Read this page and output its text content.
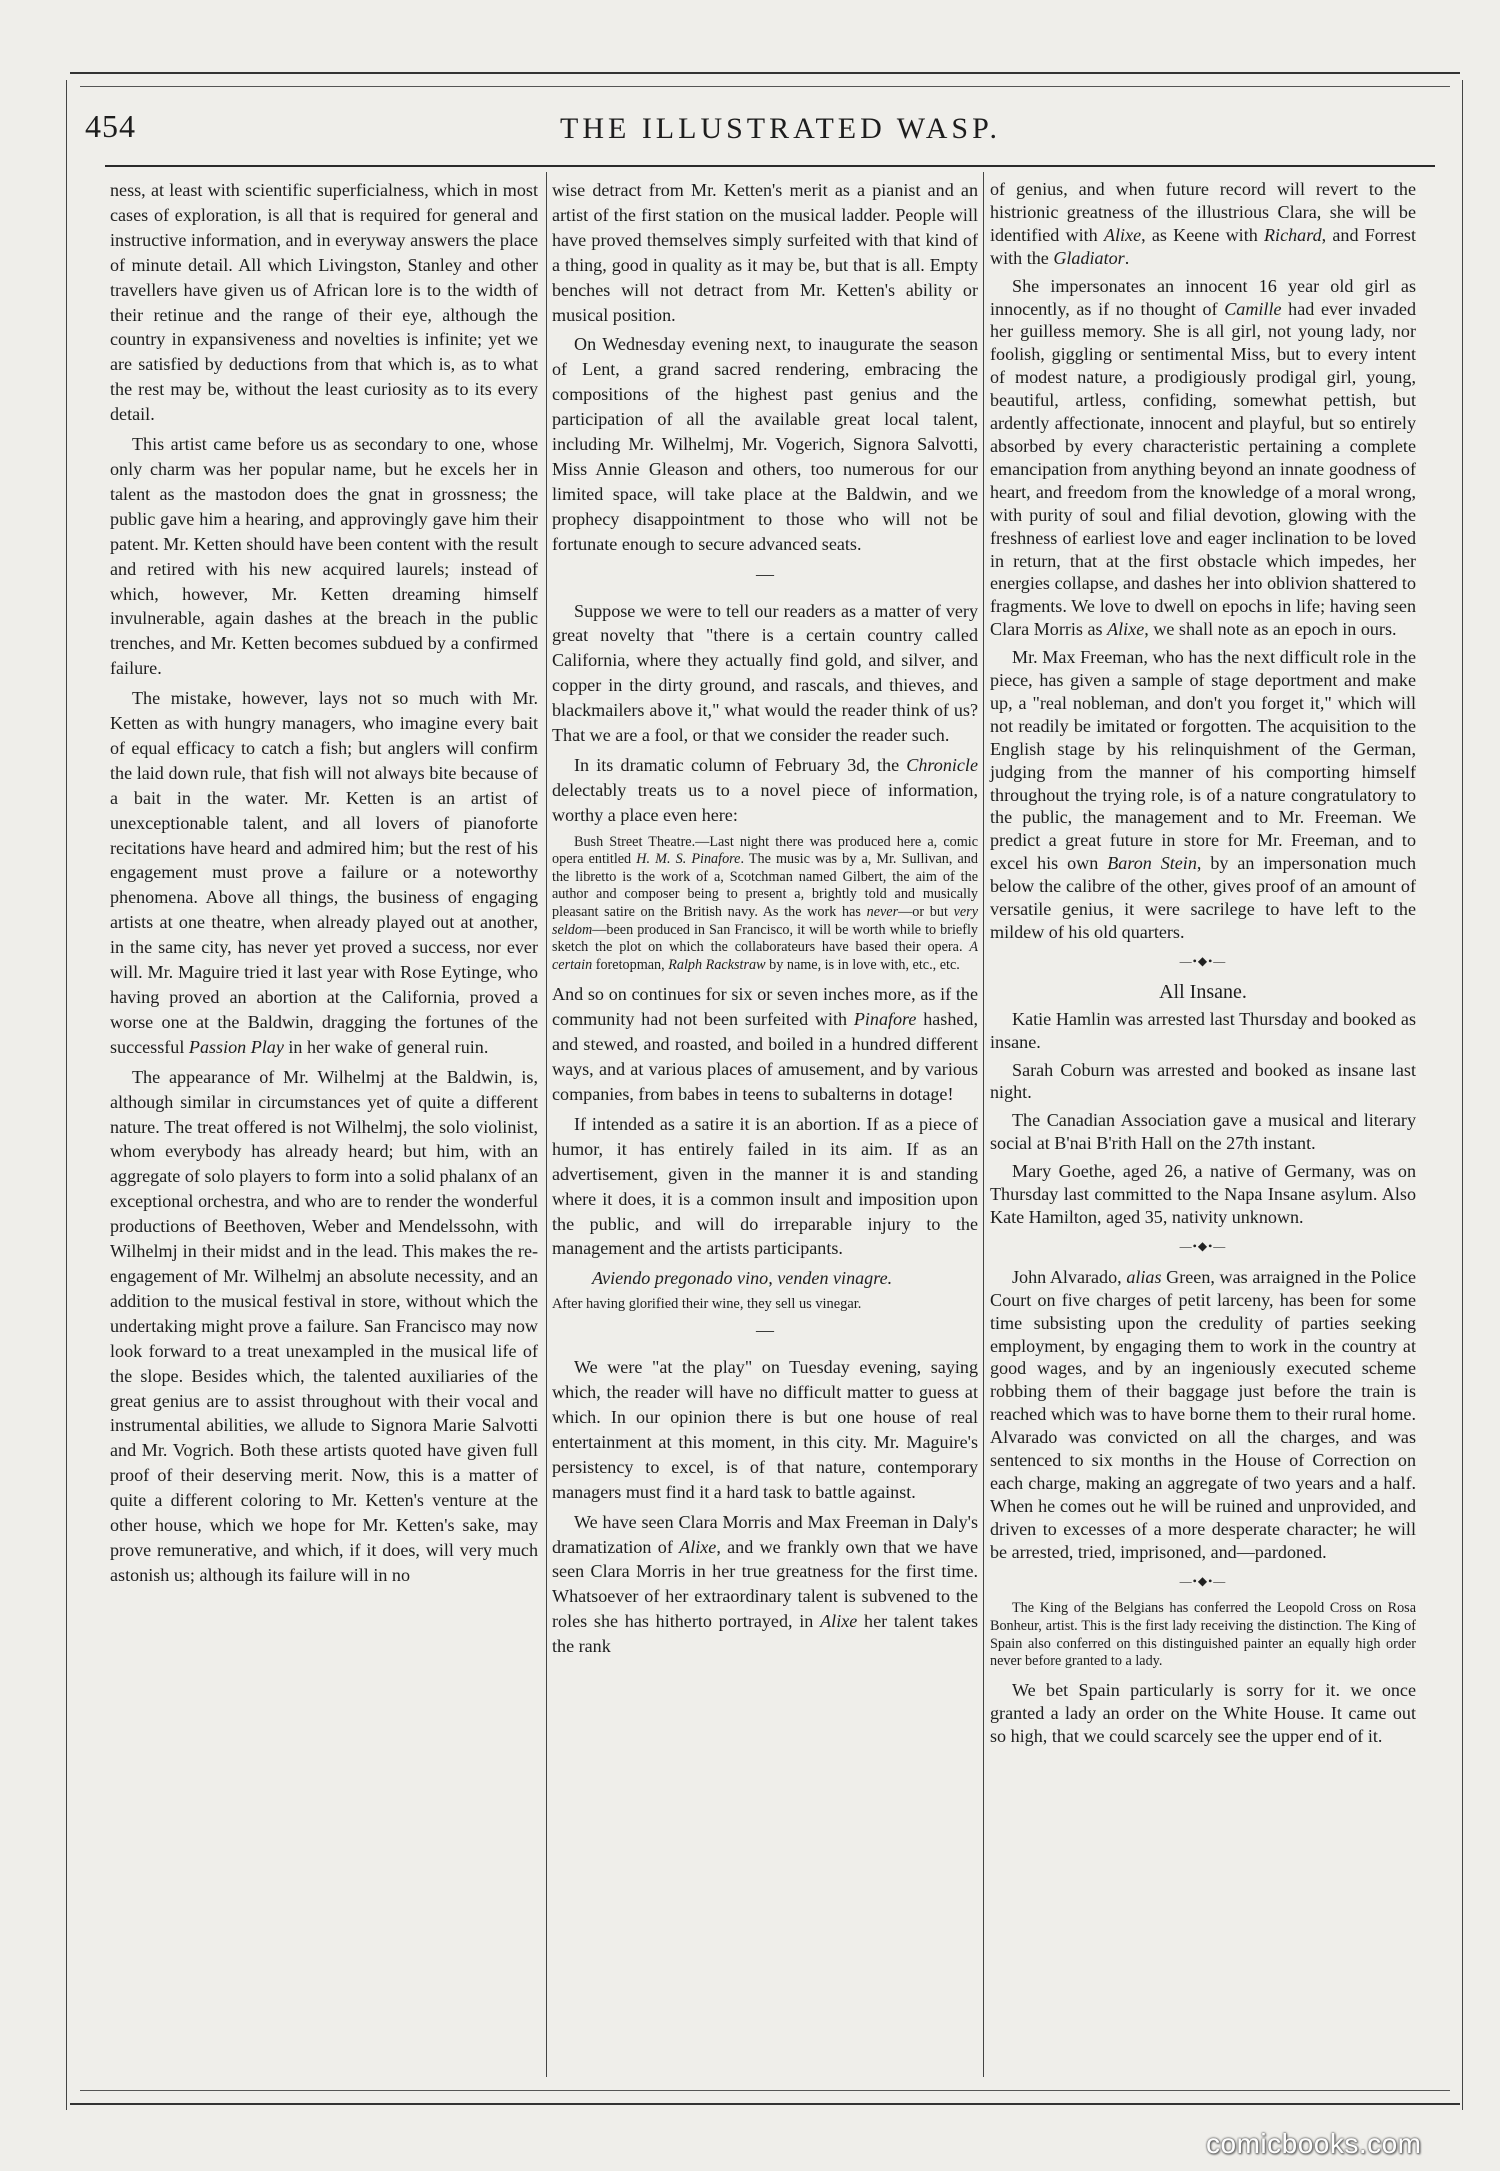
454	THE ILLUSTRATED WASP.

ness, at least with scientific superficialness, which in most cases of exploration, is all that is required for general and instructive information, and in everyway answers the place of minute detail. All which Livingston, Stanley and other travellers have given us of African lore is to the width of their retinue and the range of their eye, although the country in expansiveness and novelties is infinite; yet we are satisfied by deductions from that which is, as to what the rest may be, without the least curiosity as to its every detail.

This artist came before us as secondary to one, whose only charm was her popular name, but he excels her in talent as the mastodon does the gnat in grossness; the public gave him a hearing, and approvingly gave him their patent. Mr. Ketten should have been content with the result and retired with his new acquired laurels; instead of which, however, Mr. Ketten dreaming himself invulnerable, again dashes at the breach in the public trenches, and Mr. Ketten becomes subdued by a confirmed failure.

The mistake, however, lays not so much with Mr. Ketten as with hungry managers, who imagine every bait of equal efficacy to catch a fish; but anglers will confirm the laid down rule, that fish will not always bite because of a bait in the water. Mr. Ketten is an artist of unexceptionable talent, and all lovers of pianoforte recitations have heard and admired him; but the rest of his engagement must prove a failure or a noteworthy phenomena. Above all things, the business of engaging artists at one theatre, when already played out at another, in the same city, has never yet proved a success, nor ever will. Mr. Maguire tried it last year with Rose Eytinge, who having proved an abortion at the California, proved a worse one at the Baldwin, dragging the fortunes of the successful Passion Play in her wake of general ruin.

The appearance of Mr. Wilhelmj at the Baldwin, is, although similar in circumstances yet of quite a different nature. The treat offered is not Wilhelmj, the solo violinist, whom everybody has already heard; but him, with an aggregate of solo players to form into a solid phalanx of an exceptional orchestra, and who are to render the wonderful productions of Beethoven, Weber and Mendelssohn, with Wilhelmj in their midst and in the lead. This makes the re-engagement of Mr. Wilhelmj an absolute necessity, and an addition to the musical festival in store, without which the undertaking might prove a failure. San Francisco may now look forward to a treat unexampled in the musical life of the slope. Besides which, the talented auxiliaries of the great genius are to assist throughout with their vocal and instrumental abilities, we allude to Signora Marie Salvotti and Mr. Vogrich. Both these artists quoted have given full proof of their deserving merit. Now, this is a matter of quite a different coloring to Mr. Ketten's venture at the other house, which we hope for Mr. Ketten's sake, may prove remunerative, and which, if it does, will very much astonish us; although its failure will in no

wise detract from Mr. Ketten's merit as a pianist and an artist of the first station on the musical ladder. People will have proved themselves simply surfeited with that kind of a thing, good in quality as it may be, but that is all. Empty benches will not detract from Mr. Ketten's ability or musical position.

On Wednesday evening next, to inaugurate the season of Lent, a grand sacred rendering, embracing the compositions of the highest past genius and the participation of all the available great local talent, including Mr. Wilhelmj, Mr. Vogerich, Signora Salvotti, Miss Annie Gleason and others, too numerous for our limited space, will take place at the Baldwin, and we prophecy disappointment to those who will not be fortunate enough to secure advanced seats.

—

Suppose we were to tell our readers as a matter of very great novelty that "there is a certain country called California, where they actually find gold, and silver, and copper in the dirty ground, and rascals, and thieves, and blackmailers above it," what would the reader think of us? That we are a fool, or that we consider the reader such.

In its dramatic column of February 3d, the Chronicle delectably treats us to a novel piece of information, worthy a place even here:

Bush Street Theatre.—Last night there was produced here a, comic opera entitled H. M. S. Pinafore. The music was by a, Mr. Sullivan, and the libretto is the work of a, Scotchman named Gilbert, the aim of the author and composer being to present a, brightly told and musically pleasant satire on the British navy. As the work has never—or but very seldom—been produced in San Francisco, it will be worth while to briefly sketch the plot on which the collaborateurs have based their opera. A certain foretopman, Ralph Rackstraw by name, is in love with, etc., etc.

And so on continues for six or seven inches more, as if the community had not been surfeited with Pinafore hashed, and stewed, and roasted, and boiled in a hundred different ways, and at various places of amusement, and by various companies, from babes in teens to subalterns in dotage!

If intended as a satire it is an abortion. If as a piece of humor, it has entirely failed in its aim. If as an advertisement, given in the manner it is and standing where it does, it is a common insult and imposition upon the public, and will do irreparable injury to the management and the artists participants.

Aviendo pregonado vino, venden vinagre.

After having glorified their wine, they sell us vinegar.

—

We were "at the play" on Tuesday evening, saying which, the reader will have no difficult matter to guess at which. In our opinion there is but one house of real entertainment at this moment, in this city. Mr. Maguire's persistency to excel, is of that nature, contemporary managers must find it a hard task to battle against.

We have seen Clara Morris and Max Freeman in Daly's dramatization of Alixe, and we frankly own that we have seen Clara Morris in her true greatness for the first time. Whatsoever of her extraordinary talent is subvened to the roles she has hitherto portrayed, in Alixe her talent takes the rank

of genius, and when future record will revert to the histrionic greatness of the illustrious Clara, she will be identified with Alixe, as Keene with Richard, and Forrest with the Gladiator.

She impersonates an innocent 16 year old girl as innocently, as if no thought of Camille had ever invaded her guilless memory. She is all girl, not young lady, nor foolish, giggling or sentimental Miss, but to every intent of modest nature, a prodigiously prodigal girl, young, beautiful, artless, confiding, somewhat pettish, but ardently affectionate, innocent and playful, but so entirely absorbed by every characteristic pertaining a complete emancipation from anything beyond an innate goodness of heart, and freedom from the knowledge of a moral wrong, with purity of soul and filial devotion, glowing with the freshness of earliest love and eager inclination to be loved in return, that at the first obstacle which impedes, her energies collapse, and dashes her into oblivion shattered to fragments. We love to dwell on epochs in life; having seen Clara Morris as Alixe, we shall note as an epoch in ours.

Mr. Max Freeman, who has the next difficult role in the piece, has given a sample of stage deportment and make up, a "real nobleman, and don't you forget it," which will not readily be imitated or forgotten. The acquisition to the English stage by his relinquishment of the German, judging from the manner of his comporting himself throughout the trying role, is of a nature congratulatory to the public, the management and to Mr. Freeman. We predict a great future in store for Mr. Freeman, and to excel his own Baron Stein, by an impersonation much below the calibre of the other, gives proof of an amount of versatile genius, it were sacrilege to have left to the mildew of his old quarters.

—•◆•—
All Insane.

Katie Hamlin was arrested last Thursday and booked as insane.

Sarah Coburn was arrested and booked as insane last night.

The Canadian Association gave a musical and literary social at B'nai B'rith Hall on the 27th instant.

Mary Goethe, aged 26, a native of Germany, was on Thursday last committed to the Napa Insane asylum. Also Kate Hamilton, aged 35, nativity unknown.

—•◆•—

John Alvarado, alias Green, was arraigned in the Police Court on five charges of petit larceny, has been for some time subsisting upon the credulity of parties seeking employment, by engaging them to work in the country at good wages, and by an ingeniously executed scheme robbing them of their baggage just before the train is reached which was to have borne them to their rural home. Alvarado was convicted on all the charges, and was sentenced to six months in the House of Correction on each charge, making an aggregate of two years and a half. When he comes out he will be ruined and unprovided, and driven to excesses of a more desperate character; he will be arrested, tried, imprisoned, and—pardoned.

—•◆•—

The King of the Belgians has conferred the Leopold Cross on Rosa Bonheur, artist. This is the first lady receiving the distinction. The King of Spain also conferred on this distinguished painter an equally high order never before granted to a lady.

We bet Spain particularly is sorry for it. we once granted a lady an order on the White House. It came out so high, that we could scarcely see the upper end of it.

comicbooks.com
